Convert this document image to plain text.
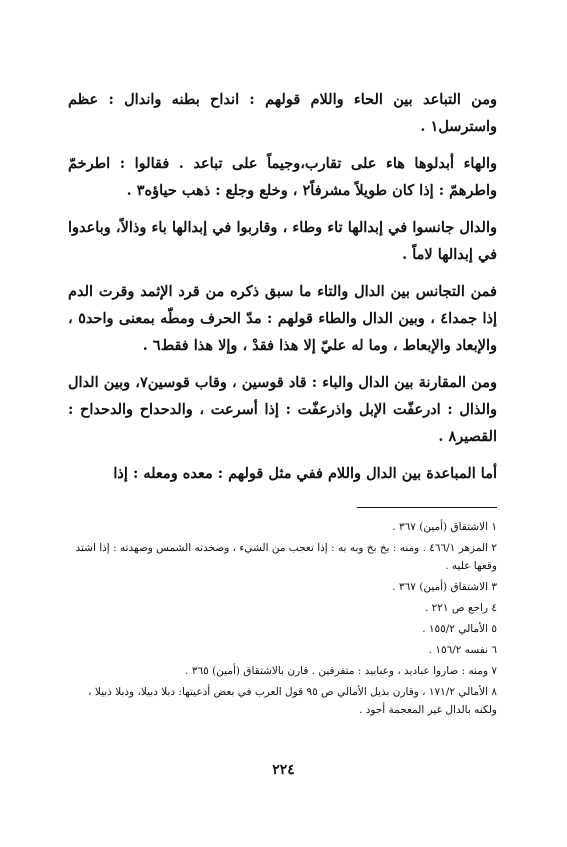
ومن التباعد بين الحاء واللام قولهم : انداح بطنه واندال : عظم واسترسل١ .

والهاء أبدلوها هاء على تقارب،وجيماً على تباعد . فقالوا : اطرخمّ واطرهمّ : إذا كان طويلاً مشرفاً٢ ، وخلع وجلع : ذهب حياؤه٣ .

والدال جانسوا في إبدالها تاء وطاء ، وقاربوا في إبدالها باء وذالاً، وباعدوا في إبدالها لاماً .

فمن التجانس بين الدال والتاء ما سبق ذكره من قرد الإثمد وقرت الدم إذا جمدا٤ ، وبين الدال والطاء قولهم : مدّ الحرف ومطّه بمعنى واحد٥ ، والإبعاد والإبعاط ، وما له عليّ إلا هذا فقدْ ، وإلا هذا فقط٦ .

ومن المقارنة بين الدال والباء : قاد قوسين ، وقاب قوسين٧، وبين الدال والذال : ادرعفّت الإبل واذرعفّت : إذا أسرعت ، والدحداح والدحداح : القصير٨ .

أما المباعدة بين الدال واللام ففي مثل قولهم : معده ومعله : إذا

١ الاشتقاق (أمين) ٣٦٧ .

٢ المزهر ٤٦٦/١ . ومنه : بخ بخ وبه به : إذا تعجب من الشيء ، وصخدته الشمس وصهدته : إذا اشتد وقعها عليه .

٣ الاشتقاق (أمين) ٣٦٧ .

٤ راجع ص ٢٢١ .

٥ الأمالي ١٥٥/٢ .

٦ نفسه ١٥٦/٢ .

٧ ومنه : صاروا عباديد ، وعبابيد : متفرقين . قارن بالاشتقاق (أمين) ٣٦٥ .

٨ الأمالي ١٧١/٢ ، وقارن بذيل الأمالي ص ٩٥ قول العرب في بعض أدعيتها: دبلا دبيلا، وذبلا ذبيلا ، ولكنه بالدال غير المعجمة أجود .

٢٢٤
